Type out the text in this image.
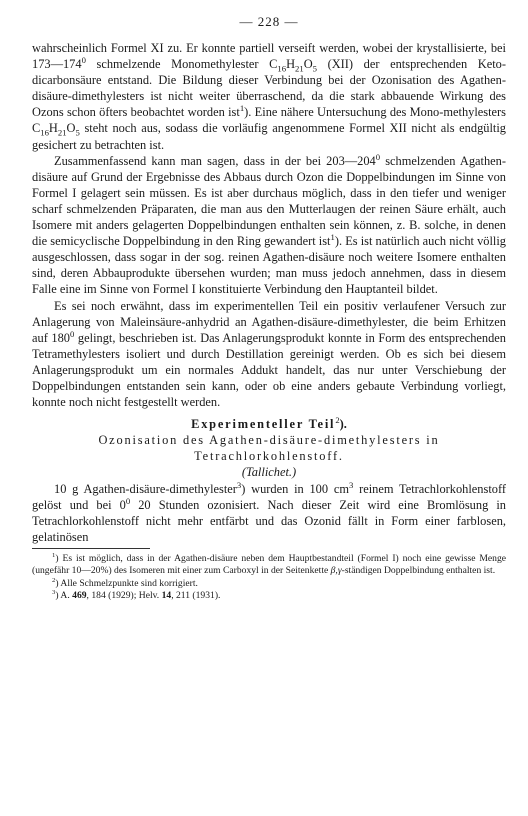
— 228 —

wahrscheinlich Formel XI zu. Er konnte partiell verseift werden, wobei der krystallisierte, bei $173—174^0$ schmelzende Monomethylester $C_{16}H_{21}O_5$ (XII) der entsprechenden Keto-dicarbonsäure entstand. Die Bildung dieser Verbindung bei der Ozonisation des Agathen-disäure-dimethylesters ist nicht weiter überraschend, da die stark abbauende Wirkung des Ozons schon öfters beobachtet worden ist$^1$). Eine nähere Untersuchung des Mono-methylesters $C_{16}H_{21}O_5$ steht noch aus, sodass die vorläufig angenommene Formel XII nicht als endgültig gesichert zu betrachten ist.

Zusammenfassend kann man sagen, dass in der bei $203—204^0$ schmelzenden Agathen-disäure auf Grund der Ergebnisse des Abbaus durch Ozon die Doppelbindungen im Sinne von Formel I gelagert sein müssen. Es ist aber durchaus möglich, dass in den tiefer und weniger scharf schmelzenden Präparaten, die man aus den Mutterlaugen der reinen Säure erhält, auch Isomere mit anders gelagerten Doppelbindungen enthalten sein können, z. B. solche, in denen die semicyclische Doppelbindung in den Ring gewandert ist$^1$). Es ist natürlich auch nicht völlig ausgeschlossen, dass sogar in der sog. reinen Agathen-disäure noch weitere Isomere enthalten sind, deren Abbauprodukte übersehen wurden; man muss jedoch annehmen, dass in diesem Falle eine im Sinne von Formel I konstituierte Verbindung den Hauptanteil bildet.

Es sei noch erwähnt, dass im experimentellen Teil ein positiv verlaufener Versuch zur Anlagerung von Maleinsäure-anhydrid an Agathen-disäure-dimethylester, die beim Erhitzen auf $180^0$ gelingt, beschrieben ist. Das Anlagerungsprodukt konnte in Form des entsprechenden Tetramethylesters isoliert und durch Destillation gereinigt werden. Ob es sich bei diesem Anlagerungsprodukt um ein normales Addukt handelt, das nur unter Verschiebung der Doppelbindungen entstanden sein kann, oder ob eine anders gebaute Verbindung vorliegt, konnte noch nicht festgestellt werden.

Experimenteller Teil$^2$).

Ozonisation des Agathen-disäure-dimethylesters in Tetrachlorkohlenstoff.

(Tallichet.)

10 g Agathen-disäure-dimethylester$^3$) wurden in 100 $cm^3$ reinem Tetrachlorkohlenstoff gelöst und bei $0^0$ 20 Stunden ozonisiert. Nach dieser Zeit wird eine Bromlösung in Tetrachlorkohlenstoff nicht mehr entfärbt und das Ozonid fällt in Form einer farblosen, gelatinösen

$^1$) Es ist möglich, dass in der Agathen-disäure neben dem Hauptbestandteil (Formel I) noch eine gewisse Menge (ungefähr 10—20%) des Isomeren mit einer zum Carboxyl in der Seitenkette β,γ-ständigen Doppelbindung enthalten ist.

$^2$) Alle Schmelzpunkte sind korrigiert.

$^3$) A. 469, 184 (1929); Helv. 14, 211 (1931).
